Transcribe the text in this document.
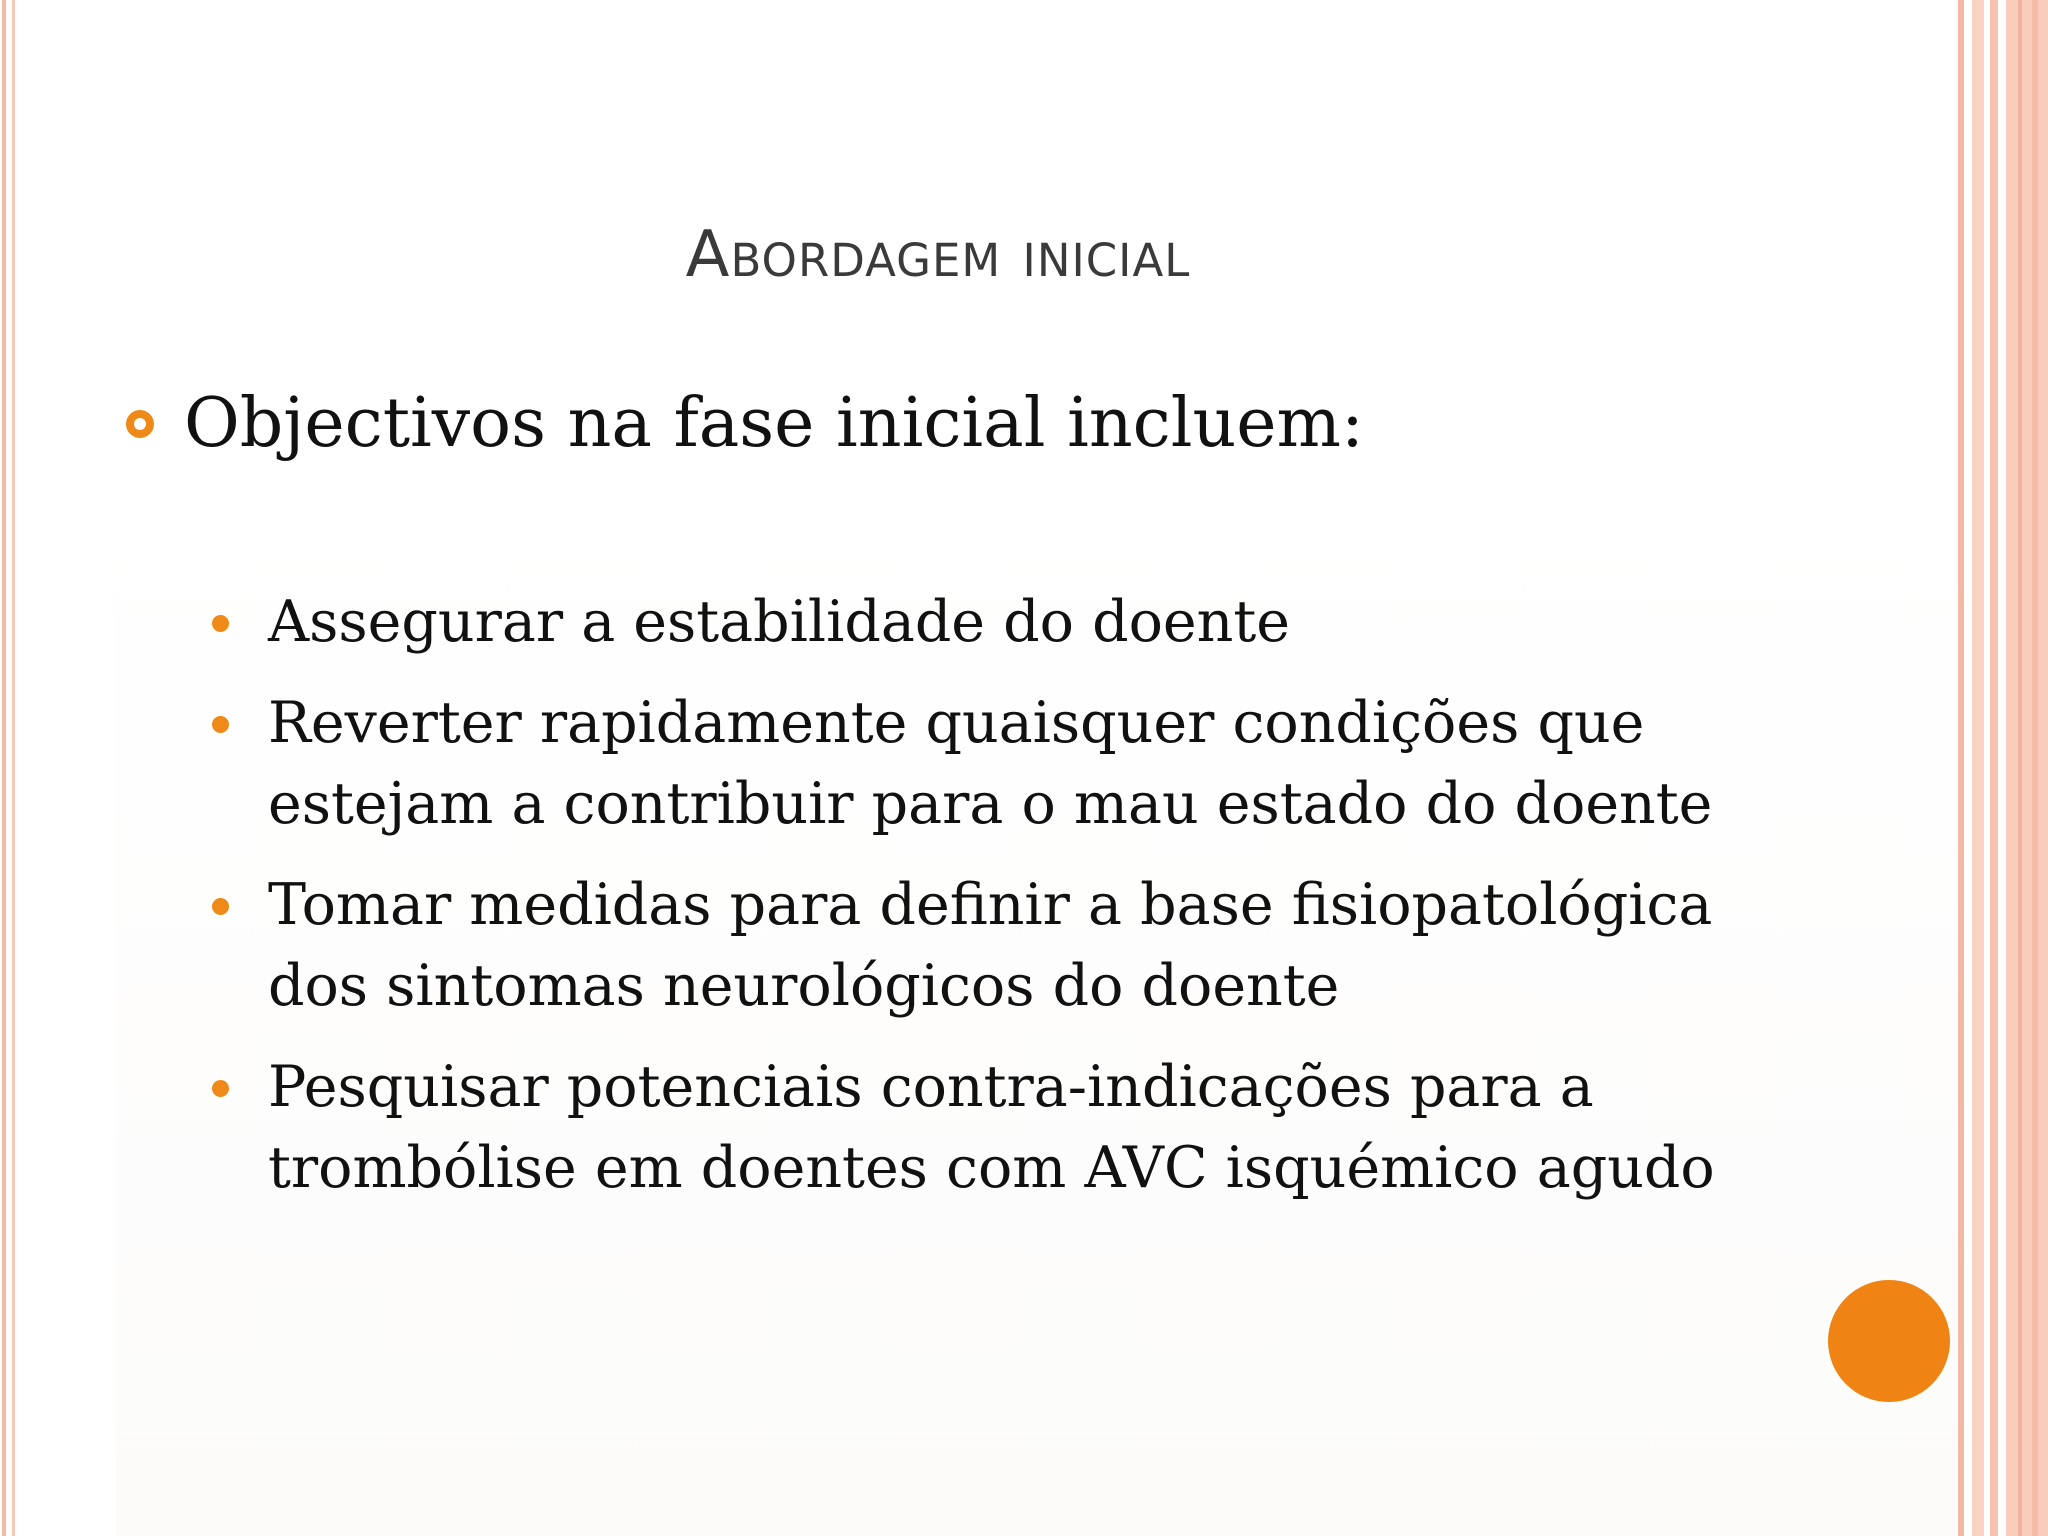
Abordagem inicial
Objectivos na fase inicial incluem:
Assegurar a estabilidade do doente
Reverter rapidamente quaisquer condições que estejam a contribuir para o mau estado do doente
Tomar medidas para definir a base fisiopatológica dos sintomas neurológicos do doente
Pesquisar potenciais contra-indicações para a trombólise em doentes com AVC isquémico agudo
